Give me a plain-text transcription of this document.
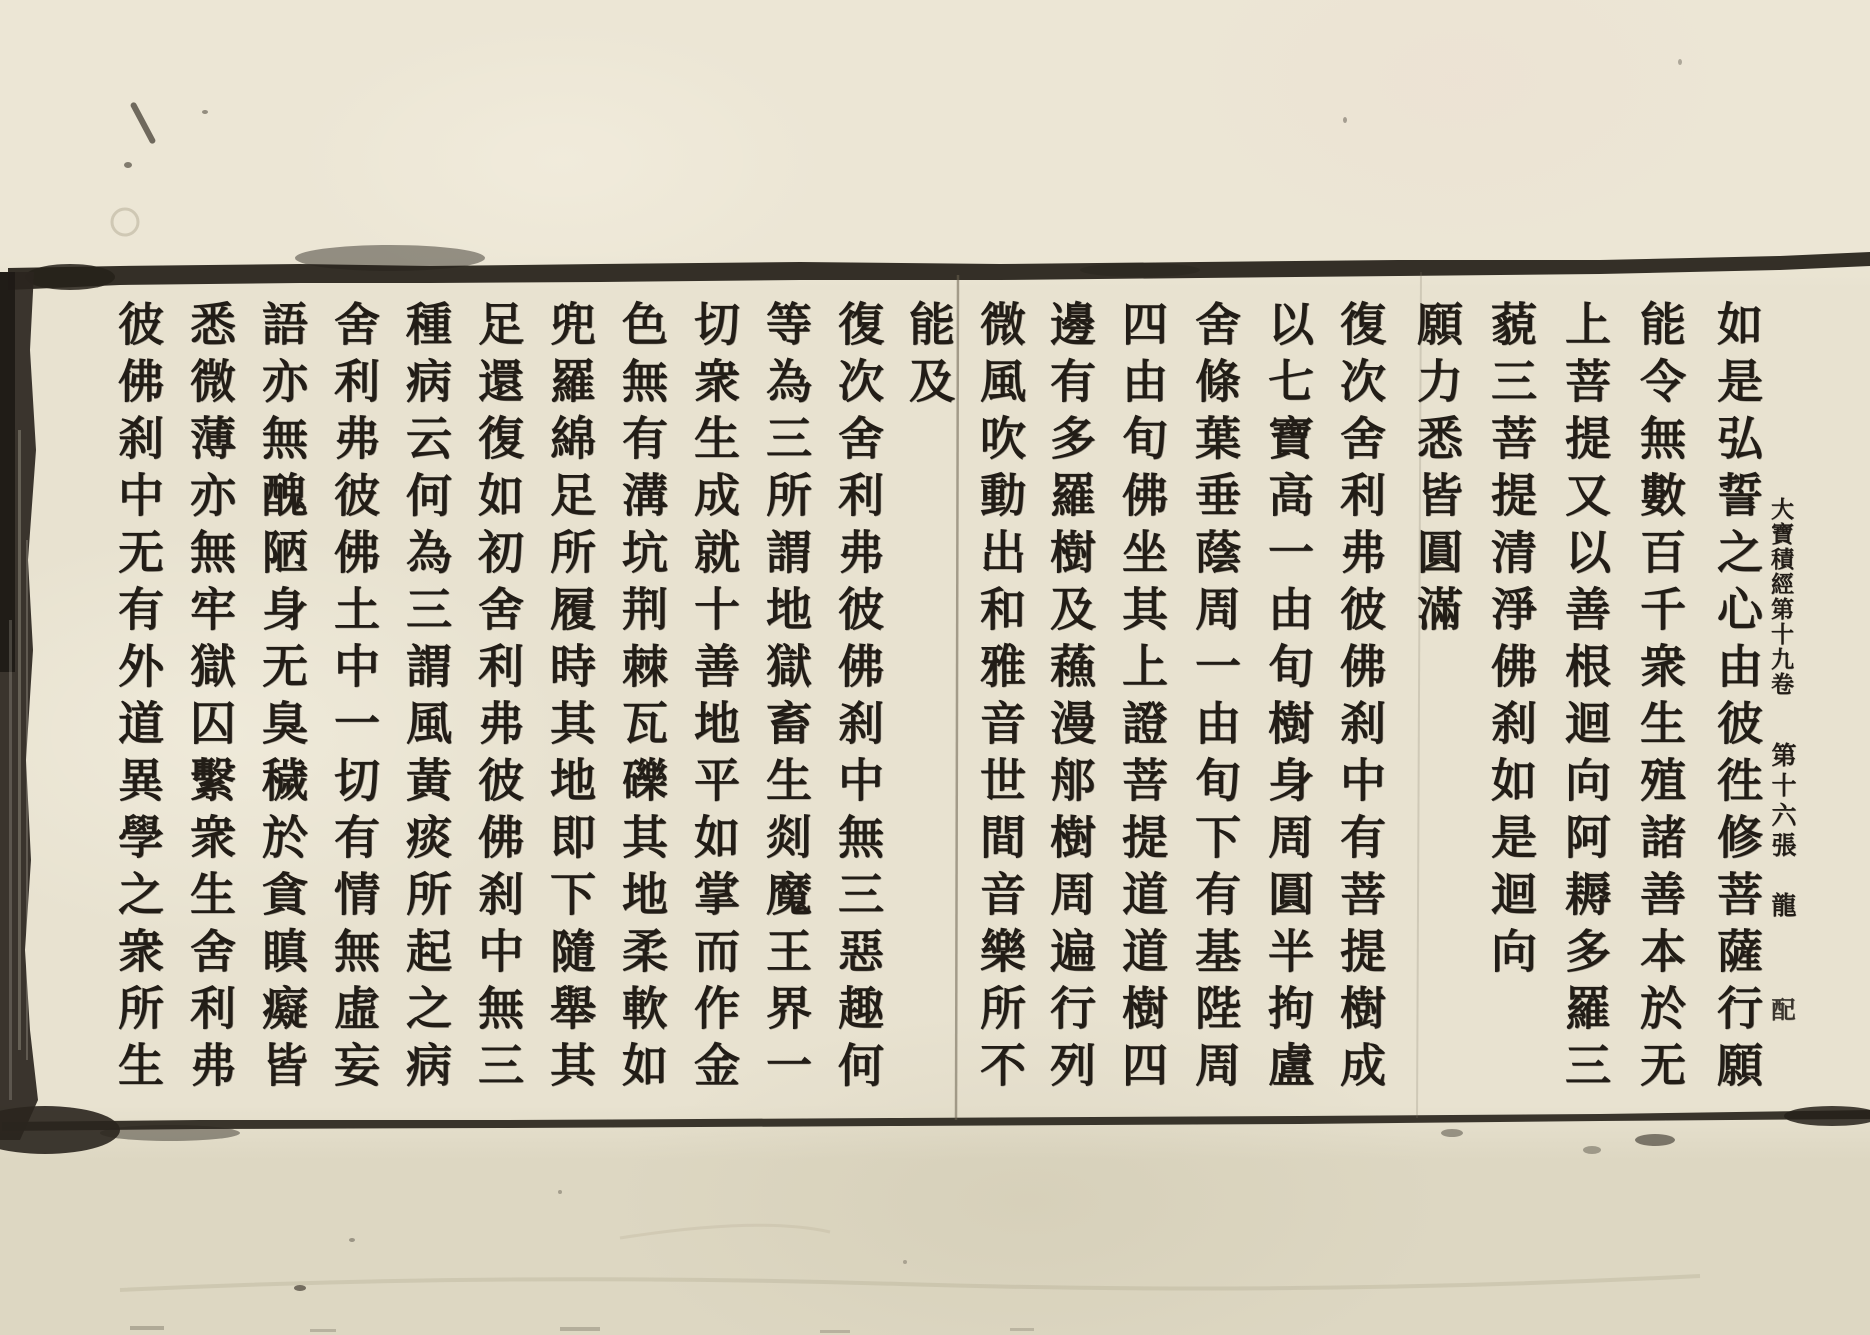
大寶積經第十九卷
第十六張
龍
配
如是弘誓之心由彼徃修菩薩行願
能令無數百千衆生殖諸善本於无
上菩提又以善根迴向阿耨多羅三
藐三菩提清淨佛刹如是迴向
願力悉皆圓滿
復次舍利弗彼佛刹中有菩提樹成
以七寶高一由旬樹身周圓半拘盧
舍條葉垂蔭周一由旬下有基陛周
四由旬佛坐其上證菩提道道樹四
邊有多羅樹及蘓漫郍樹周遍行列
微風吹動出和雅音世間音樂所不
能及
復次舍利弗彼佛刹中無三惡趣何
等為三所謂地獄畜生剡魔王界一
切衆生成就十善地平如掌而作金
色無有溝坑荆棘瓦礫其地柔軟如
兜羅綿足所履時其地即下隨舉其
足還復如初舍利弗彼佛刹中無三
種病云何為三謂風黃痰所起之病
舍利弗彼佛土中一切有情無虛妄
語亦無醜陋身无臭穢於貪瞋癡皆
悉微薄亦無牢獄囚繫衆生舍利弗
彼佛刹中无有外道異學之衆所生
